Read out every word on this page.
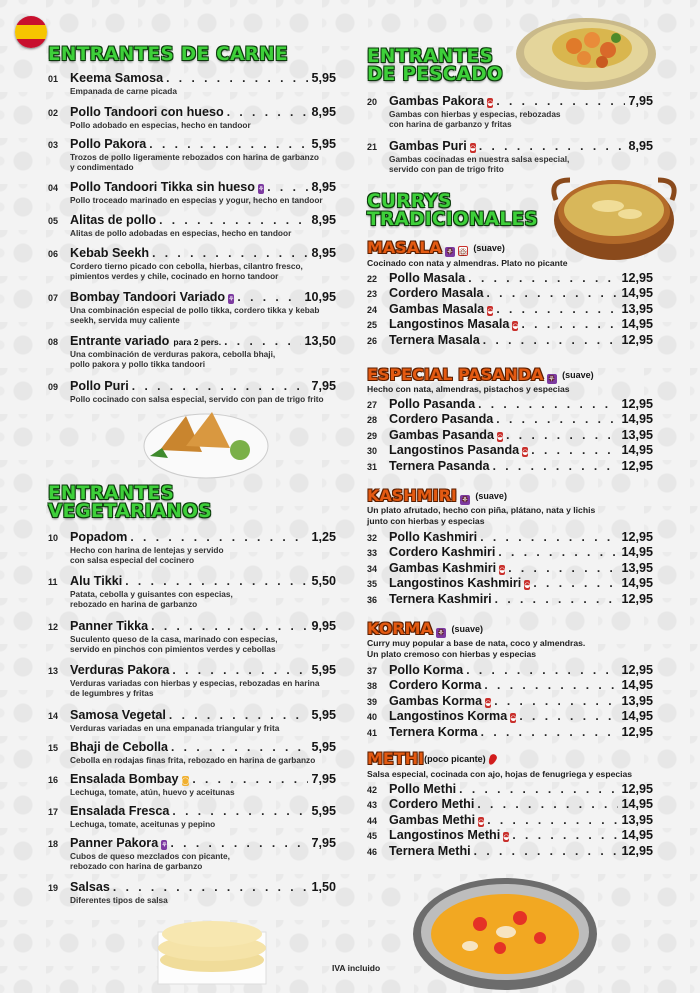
ENTRANTES DE CARNE
01 Keema Samosa . . .	5,95
Empanada de carne picada
02 Pollo Tandoori con hueso . . .	8,95
Pollo adobado en especias, hecho en tandoor
03 Pollo Pakora . . .	5,95
Trozos de pollo ligeramente rebozados con harina de garbanzo
y condimentado
04 Pollo Tandoori Tikka sin hueso ⚘ . . .	8,95
Pollo troceado marinado en especias y yogur, hecho en tandoor
05 Alitas de pollo . . .	8,95
Alitas de pollo adobadas en especias, hecho en tandoor
06 Kebab Seekh . . .	8,95
Cordero tierno picado con cebolla, hierbas, cilantro fresco,
pimientos verdes y chile, cocinado en horno tandoor
07 Bombay Tandoori Variado ⚘ . . .	10,95
Una combinación especial de pollo tikka, cordero tikka y kebab
seekh, servida muy caliente
08 Entrante variado para 2 pers. . . .	13,50
Una combinación de verduras pakora, cebolla bhaji,
pollo pakora y pollo tikka tandoori
09 Pollo Puri . . .	7,95
Pollo cocinado con salsa especial, servido con pan de trigo frito
ENTRANTES
VEGETARIANOS
10 Popadom . . .	1,25
Hecho con harina de lentejas y servido
con salsa especial del cocinero
11 Alu Tikki . . .	5,50
Patata, cebolla y guisantes con especias,
rebozado en harina de garbanzo
12 Panner Tikka . . .	9,95
Suculento queso de la casa, marinado con especias,
servido en pinchos con pimientos verdes y cebollas
13 Verduras Pakora . . .	5,95
Verduras variadas con hierbas y especias, rebozadas en harina
de legumbres y fritas
14 Samosa Vegetal . . .	5,95
Verduras variadas en una empanada triangular y frita
15 Bhaji de Cebolla . . .	5,95
Cebolla en rodajas finas frita, rebozado en harina de garbanzo
16 Ensalada Bombay ◯ . . .	7,95
Lechuga, tomate, atún, huevo y aceitunas
17 Ensalada Fresca . . .	5,95
Lechuga, tomate, aceitunas y pepino
18 Panner Pakora ⚘ . . .	7,95
Cubos de queso mezclados con picante,
rebozado con harina de garbanzo
19 Salsas . . .	1,50
Diferentes tipos de salsa
ENTRANTES
DE PESCADO
20 Gambas Pakora ◒ . . .	7,95
Gambas con hierbas y especias, rebozadas
con harina de garbanzo y fritas
21 Gambas Puri ◒ . . .	8,95
Gambas cocinadas en nuestra salsa especial,
servido con pan de trigo frito
CURRYS
TRADICIONALES
MASALA ⚘ ◌ (suave)
Cocinado con nata y almendras. Plato no picante
ESPECIAL PASANDA ⚘ (suave)
Hecho con nata, almendras, pistachos y especias
KASHMIRI ⚘ (suave)
Un plato afrutado, hecho con piña, plátano, nata y lichis
junto con hierbas y especias
KORMA ⚘ (suave)
Curry muy popular a base de nata, coco y almendras.
Un plato cremoso con hierbas y especias
METHI(poco picante)
Salsa especial, cocinada con ajo, hojas de fenugriega y especias
22 Pollo Masala . . .	12,95
23 Cordero Masala . . .	14,95
24 Gambas Masala ◒ . . .	13,95
25 Langostinos Masala ◒ . . .	14,95
26 Ternera Masala . . .	12,95
27 Pollo Pasanda . . .	12,95
28 Cordero Pasanda . . .	14,95
29 Gambas Pasanda ◒ . . .	13,95
30 Langostinos Pasanda ◒ . . .	14,95
31 Ternera Pasanda . . .	12,95
32 Pollo Kashmiri . . .	12,95
33 Cordero Kashmiri . . .	14,95
34 Gambas Kashmiri ◒ . . .	13,95
35 Langostinos Kashmiri ◒ . . .	14,95
36 Ternera Kashmiri . . .	12,95
37 Pollo Korma . . .	12,95
38 Cordero Korma . . .	14,95
39 Gambas Korma ◒ . . .	13,95
40 Langostinos Korma ◒ . . .	14,95
41 Ternera Korma . . .	12,95
42 Pollo Methi . . .	12,95
43 Cordero Methi . . .	14,95
44 Gambas Methi ◒ . . .	13,95
45 Langostinos Methi ◒ . . .	14,95
46 Ternera Methi . . .	12,95
IVA incluido
